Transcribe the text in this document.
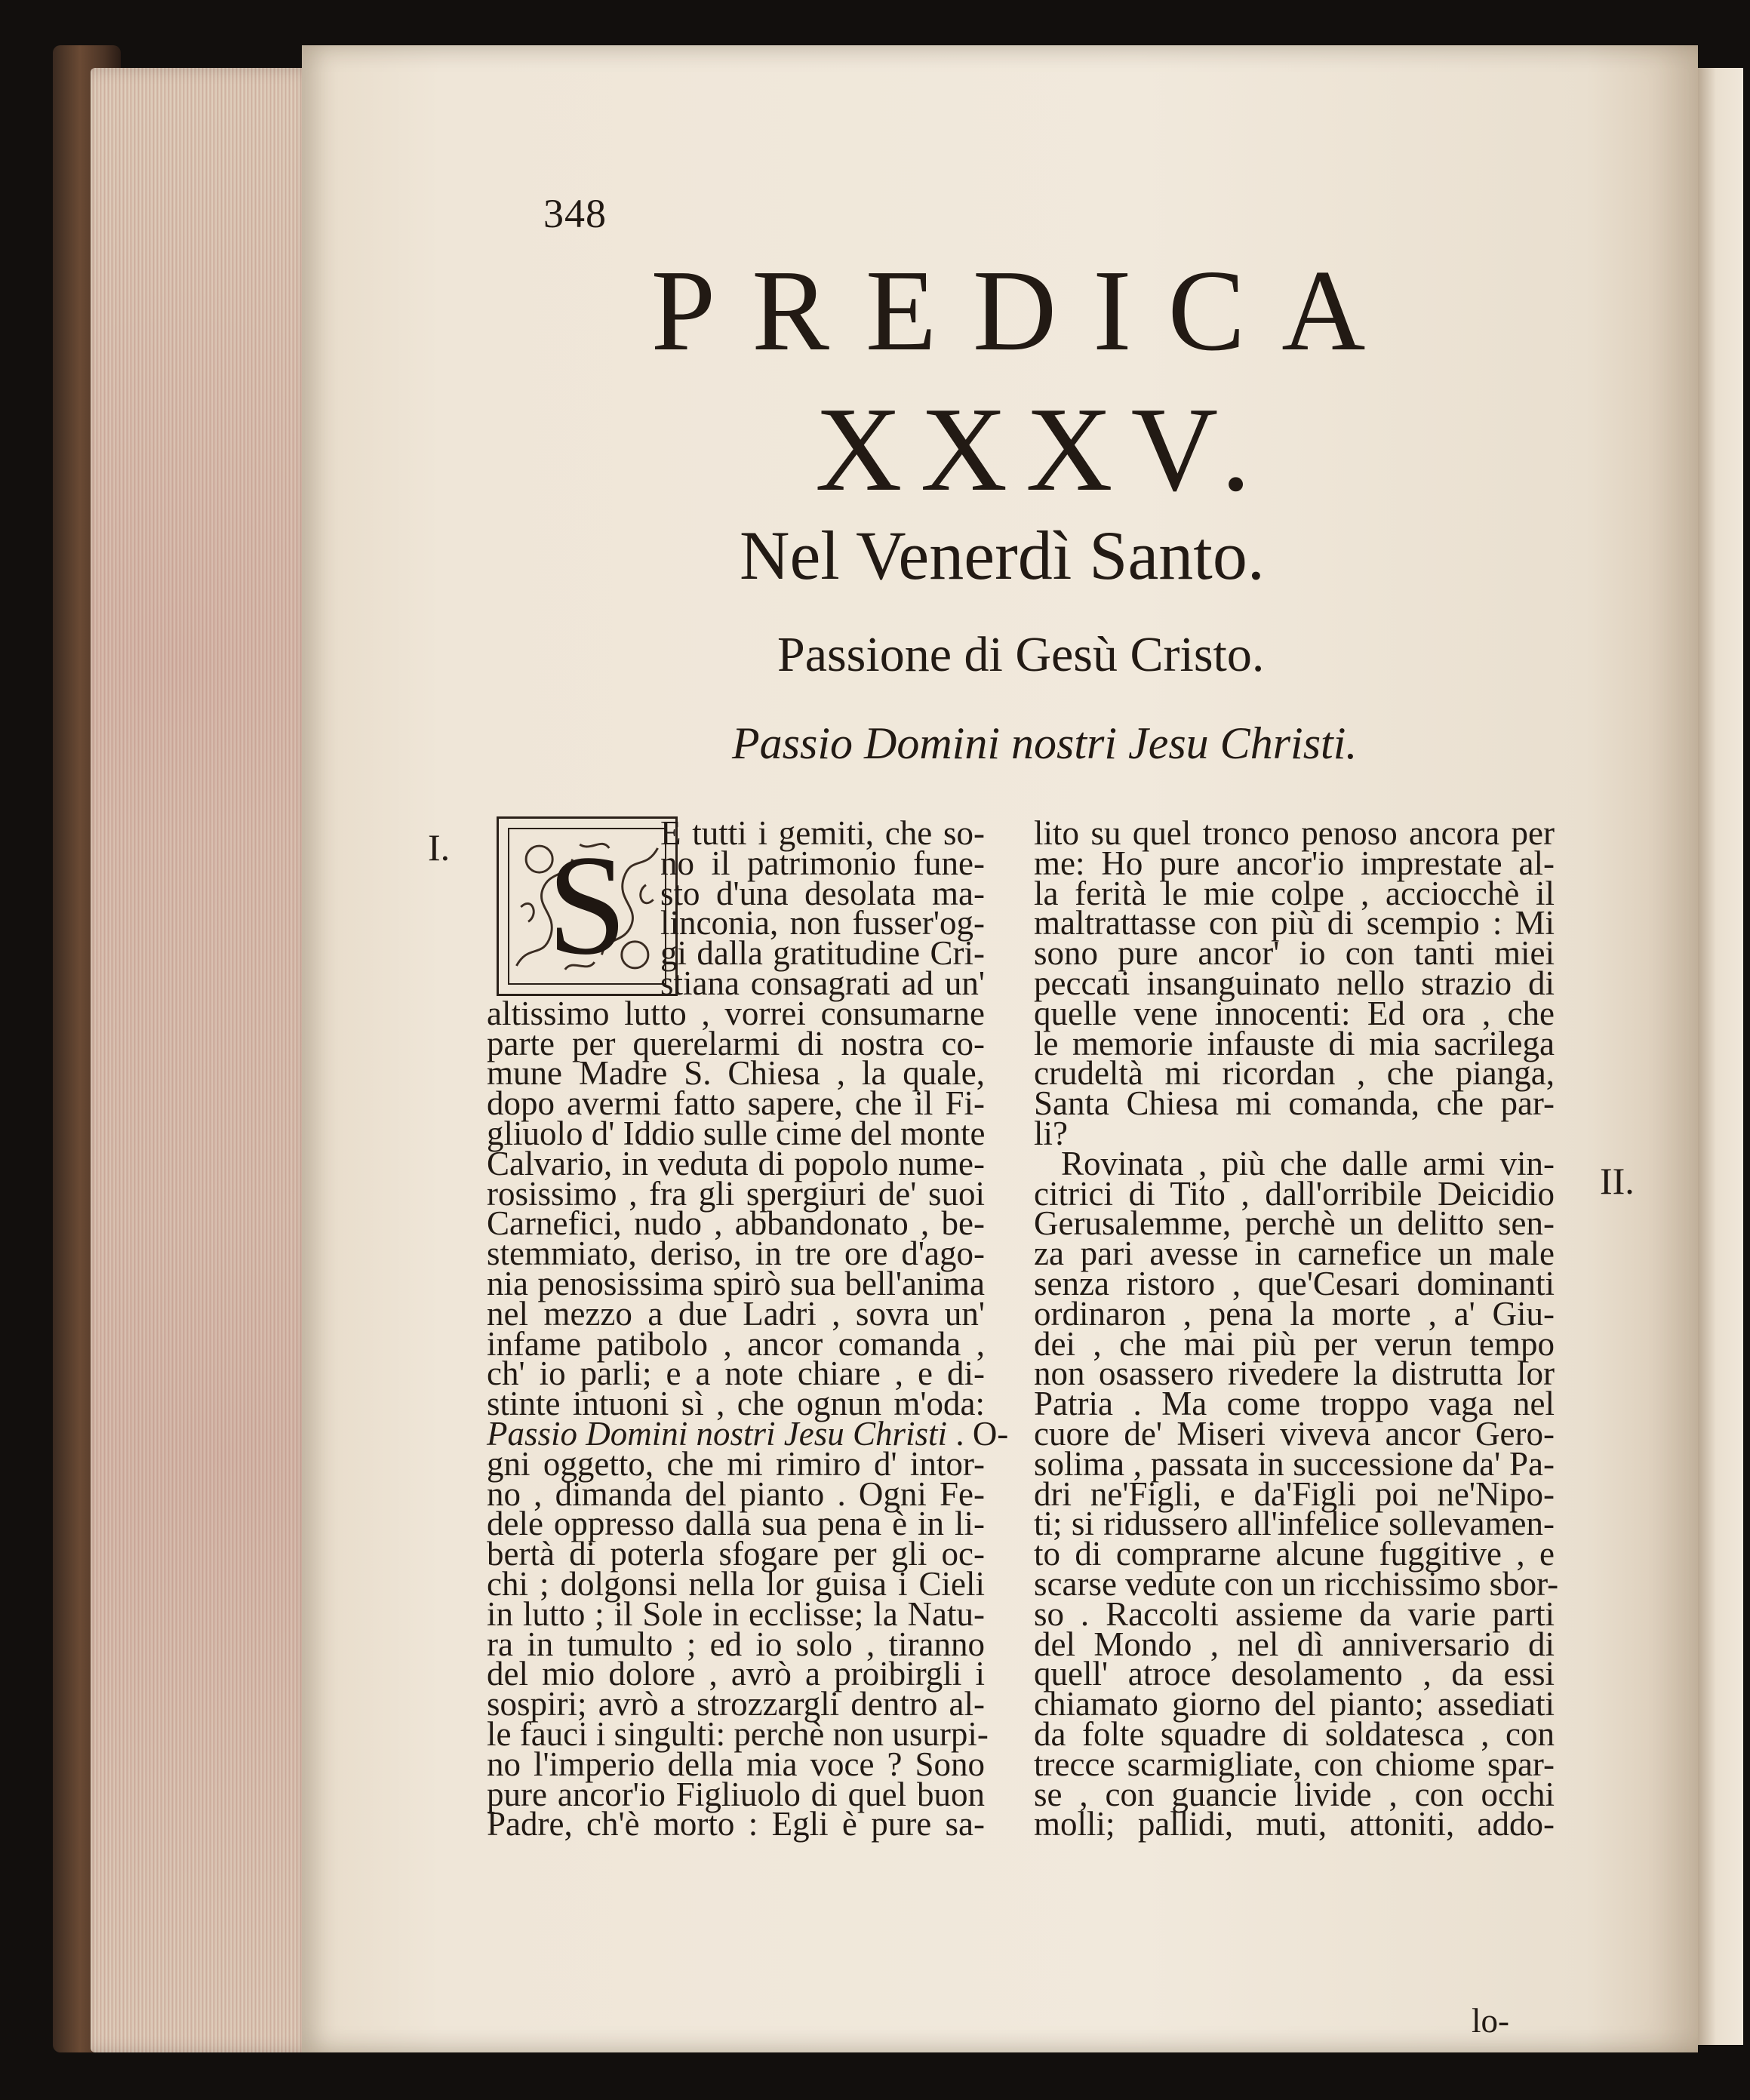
348
PREDICA
XXXV.
Nel Venerdì Santo.
Passione di Gesù Cristo.
Passio Domini nostri Jesu Christi.
I.
II.
S E tutti i gemiti, che so-
no il patrimonio fune-
sto d'una desolata ma-
linconia, non fusser'og-
gi dalla gratitudine Cri-
stiana consagrati ad un'
altissimo lutto , vorrei consumarne
parte per querelarmi di nostra co-
mune Madre S. Chiesa , la quale,
dopo avermi fatto sapere, che il Fi-
gliuolo d' Iddio sulle cime del monte
Calvario, in veduta di popolo nume-
rosissimo , fra gli spergiuri de' suoi
Carnefici, nudo , abbandonato , be-
stemmiato, deriso, in tre ore d'ago-
nia penosissima spirò sua bell'anima
nel mezzo a due Ladri , sovra un'
infame patibolo , ancor comanda ,
ch' io parli; e a note chiare , e di-
stinte intuoni sì , che ognun m'oda:
Passio Domini nostri Jesu Christi . O-
gni oggetto, che mi rimiro d' intor-
no , dimanda del pianto . Ogni Fe-
dele oppresso dalla sua pena è in li-
bertà di poterla sfogare per gli oc-
chi ; dolgonsi nella lor guisa i Cieli
in lutto ; il Sole in ecclisse; la Natu-
ra in tumulto ; ed io solo , tiranno
del mio dolore , avrò a proibirgli i
sospiri; avrò a strozzargli dentro al-
le fauci i singulti: perchè non usurpi-
no l'imperio della mia voce ? Sono
pure ancor'io Figliuolo di quel buon
Padre, ch'è morto : Egli è pure sa-
lito su quel tronco penoso ancora per
me: Ho pure ancor'io imprestate al-
la ferità le mie colpe , acciocchè il
maltrattasse con più di scempio : Mi
sono pure ancor' io con tanti miei
peccati insanguinato nello strazio di
quelle vene innocenti: Ed ora , che
le memorie infauste di mia sacrilega
crudeltà mi ricordan , che pianga,
Santa Chiesa mi comanda, che par-
li?
Rovinata , più che dalle armi vin-
citrici di Tito , dall'orribile Deicidio
Gerusalemme, perchè un delitto sen-
za pari avesse in carnefice un male
senza ristoro , que'Cesari dominanti
ordinaron , pena la morte , a' Giu-
dei , che mai più per verun tempo
non osassero rivedere la distrutta lor
Patria . Ma come troppo vaga nel
cuore de' Miseri viveva ancor Gero-
solima , passata in successione da' Pa-
dri ne'Figli, e da'Figli poi ne'Nipo-
ti; si ridussero all'infelice sollevamen-
to di comprarne alcune fuggitive , e
scarse vedute con un ricchissimo sbor-
so . Raccolti assieme da varie parti
del Mondo , nel dì anniversario di
quell' atroce desolamento , da essi
chiamato giorno del pianto; assediati
da folte squadre di soldatesca , con
trecce scarmigliate, con chiome spar-
se , con guancie livide , con occhi
molli; pallidi, muti, attoniti, addo-
lo-
